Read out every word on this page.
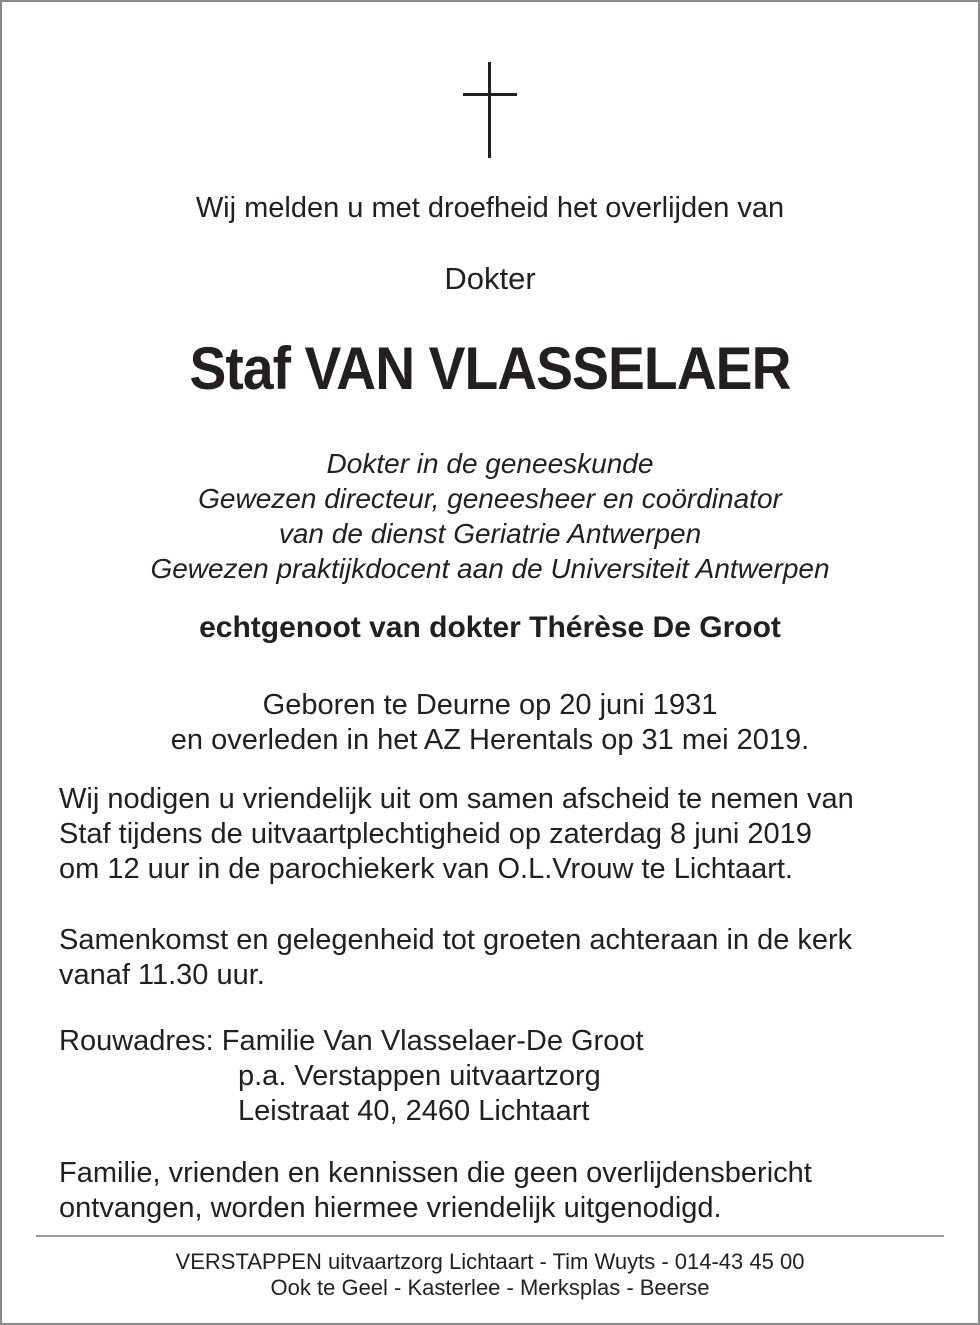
Wij melden u met droefheid het overlijden van
Dokter
Staf VAN VLASSELAER
Dokter in de geneeskunde
Gewezen directeur, geneesheer en coördinator
van de dienst Geriatrie Antwerpen
Gewezen praktijkdocent aan de Universiteit Antwerpen
echtgenoot van dokter Thérèse De Groot
Geboren te Deurne op 20 juni 1931
en overleden in het AZ Herentals op 31 mei 2019.
Wij nodigen u vriendelijk uit om samen afscheid te nemen van
Staf tijdens de uitvaartplechtigheid op zaterdag 8 juni 2019
om 12 uur in de parochiekerk van O.L.Vrouw te Lichtaart.
Samenkomst en gelegenheid tot groeten achteraan in de kerk
vanaf 11.30 uur.
Rouwadres: Familie Van Vlasselaer-De Groot
p.a. Verstappen uitvaartzorg
Leistraat 40, 2460 Lichtaart
Familie, vrienden en kennissen die geen overlijdensbericht
ontvangen, worden hiermee vriendelijk uitgenodigd.
VERSTAPPEN uitvaartzorg Lichtaart - Tim Wuyts - 014-43 45 00
Ook te Geel - Kasterlee - Merksplas - Beerse
